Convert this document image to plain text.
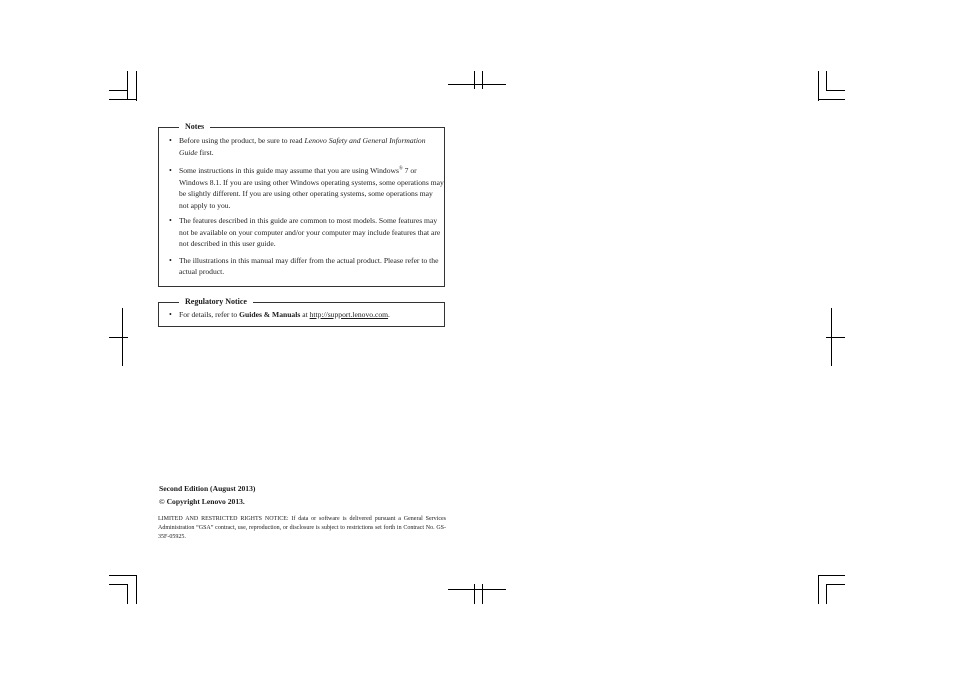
Notes
• Before using the product, be sure to read Lenovo Safety and General Information Guide first.
• Some instructions in this guide may assume that you are using Windows® 7 or Windows 8.1. If you are using other Windows operating systems, some operations may be slightly different. If you are using other operating systems, some operations may not apply to you.
• The features described in this guide are common to most models. Some features may not be available on your computer and/or your computer may include features that are not described in this user guide.
• The illustrations in this manual may differ from the actual product. Please refer to the actual product.
Regulatory Notice
• For details, refer to Guides & Manuals at http://support.lenovo.com.
Second Edition (August 2013)
© Copyright Lenovo 2013.
LIMITED AND RESTRICTED RIGHTS NOTICE: If data or software is delivered pursuant a General Services Administration “GSA” contract, use, reproduction, or disclosure is subject to restrictions set forth in Contract No. GS-35F-05925.
